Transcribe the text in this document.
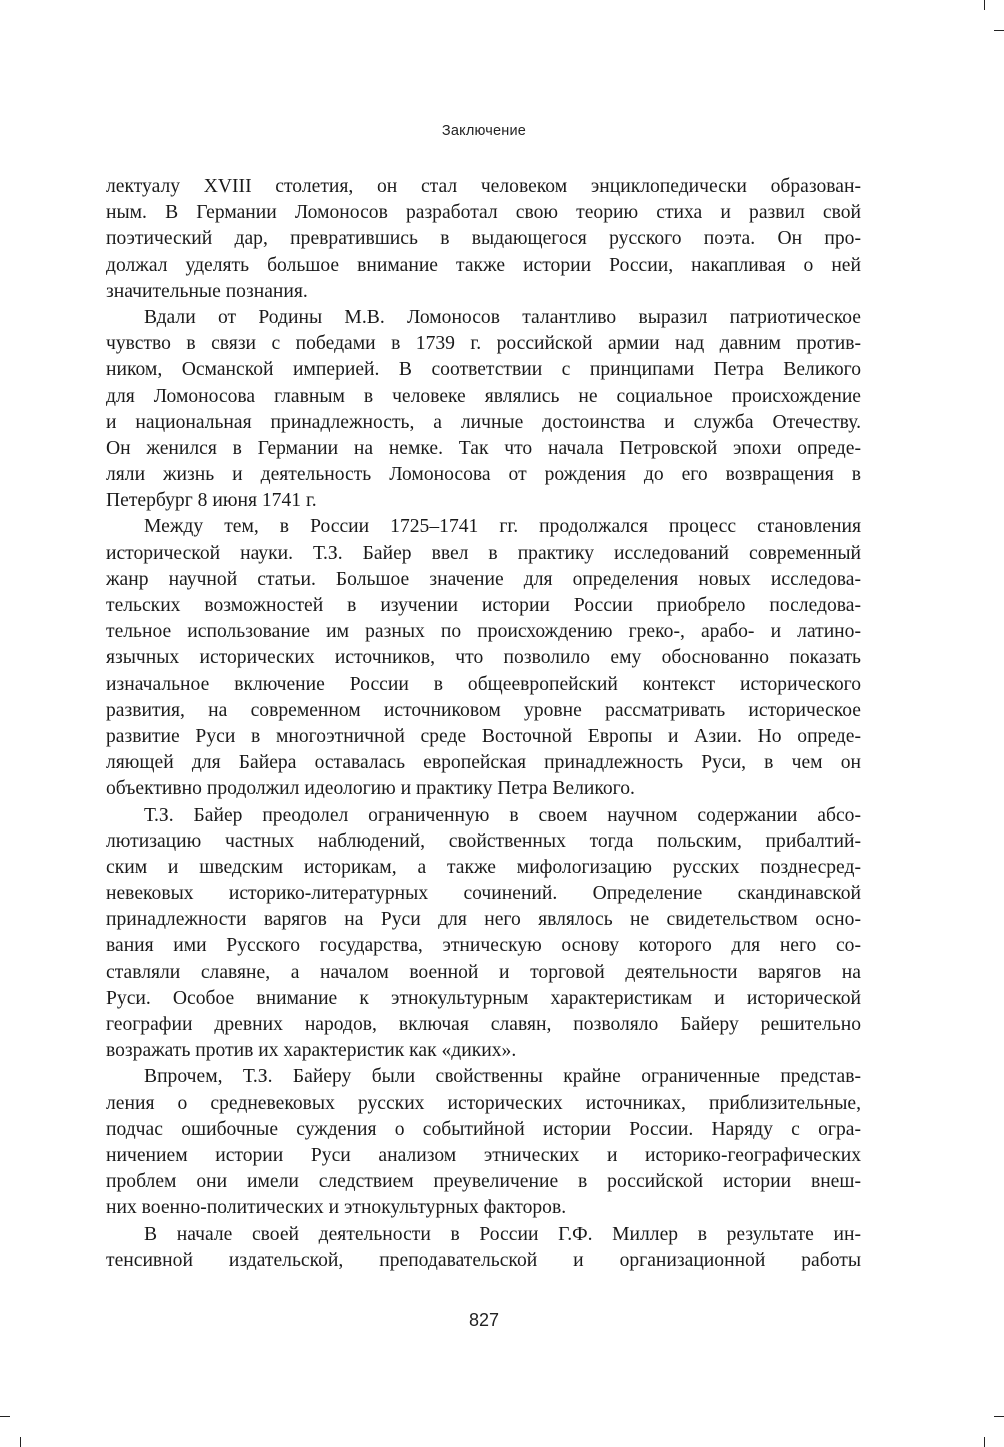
Заключение
лектуалу XVIII столетия, он стал человеком энциклопедически образован-
ным. В Германии Ломоносов разработал свою теорию стиха и развил свой
поэтический дар, превратившись в выдающегося русского поэта. Он про-
должал уделять большое внимание также истории России, накапливая о ней
значительные познания.
Вдали от Родины М.В. Ломоносов талантливо выразил патриотическое
чувство в связи с победами в 1739 г. российской армии над давним против-
ником, Османской империей. В соответствии с принципами Петра Великого
для Ломоносова главным в человеке являлись не социальное происхождение
и национальная принадлежность, а личные достоинства и служба Отечеству.
Он женился в Германии на немке. Так что начала Петровской эпохи опреде-
ляли жизнь и деятельность Ломоносова от рождения до его возвращения в
Петербург 8 июня 1741 г.
Между тем, в России 1725–1741 гг. продолжался процесс становления
исторической науки. Т.З. Байер ввел в практику исследований современный
жанр научной статьи. Большое значение для определения новых исследова-
тельских возможностей в изучении истории России приобрело последова-
тельное использование им разных по происхождению греко-, арабо- и латино-
язычных исторических источников, что позволило ему обоснованно показать
изначальное включение России в общеевропейский контекст исторического
развития, на современном источниковом уровне рассматривать историческое
развитие Руси в многоэтничной среде Восточной Европы и Азии. Но опреде-
ляющей для Байера оставалась европейская принадлежность Руси, в чем он
объективно продолжил идеологию и практику Петра Великого.
Т.З. Байер преодолел ограниченную в своем научном содержании абсо-
лютизацию частных наблюдений, свойственных тогда польским, прибалтий-
ским и шведским историкам, а также мифологизацию русских позднесред-
невековых историко-литературных сочинений. Определение скандинавской
принадлежности варягов на Руси для него являлось не свидетельством осно-
вания ими Русского государства, этническую основу которого для него со-
ставляли славяне, а началом военной и торговой деятельности варягов на
Руси. Особое внимание к этнокультурным характеристикам и исторической
географии древних народов, включая славян, позволяло Байеру решительно
возражать против их характеристик как «диких».
Впрочем, Т.З. Байеру были свойственны крайне ограниченные представ-
ления о средневековых русских исторических источниках, приблизительные,
подчас ошибочные суждения о событийной истории России. Наряду с огра-
ничением истории Руси анализом этнических и историко-географических
проблем они имели следствием преувеличение в российской истории внеш-
них военно-политических и этнокультурных факторов.
В начале своей деятельности в России Г.Ф. Миллер в результате ин-
тенсивной издательской, преподавательской и организационной работы
827
